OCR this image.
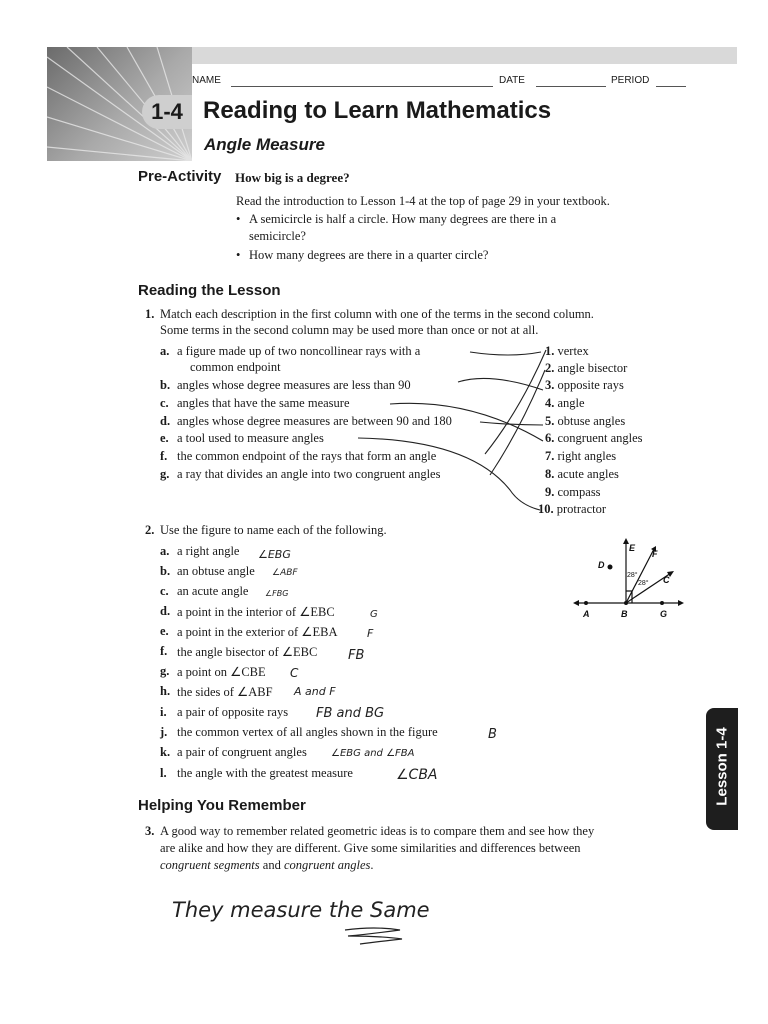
NAME	DATE	PERIOD
1-4 Reading to Learn Mathematics
Angle Measure
Pre-Activity How big is a degree?
Read the introduction to Lesson 1-4 at the top of page 29 in your textbook.
• A semicircle is half a circle. How many degrees are there in a
semicircle?
• How many degrees are there in a quarter circle?
Reading the Lesson
1. Match each description in the first column with one of the terms in the second column.
Some terms in the second column may be used more than once or not at all.
a. a figure made up of two noncollinear rays with a
common endpoint
b. angles whose degree measures are less than 90
c. angles that have the same measure
d. angles whose degree measures are between 90 and 180
e. a tool used to measure angles
f. the common endpoint of the rays that form an angle
g. a ray that divides an angle into two congruent angles
1. vertex
2. angle bisector
3. opposite rays
4. angle
5. obtuse angles
6. congruent angles
7. right angles
8. acute angles
9. compass
10. protractor
2. Use the figure to name each of the following.
a. a right angle ∠EBG
b. an obtuse angle ∠ABF
c. an acute angle ∠FBG
d. a point in the interior of ∠EBC	G
e. a point in the exterior of ∠EBA	F
f. the angle bisector of ∠EBC FB
g. a point on ∠CBE C
h. the sides of ∠ABF A and F
i. a pair of opposite rays FB and BG
j. the common vertex of all angles shown in the figure	B
k. a pair of congruent angles ∠EBG and ∠FBA
l. the angle with the greatest measure	∠CBA
A	B	G
D
E
F
C
28°
28°
Helping You Remember
3. A good way to remember related geometric ideas is to compare them and see how they
are alike and how they are different. Give some similarities and differences between
congruent segments and congruent angles.
They measure the Same
Lesson 1-4
